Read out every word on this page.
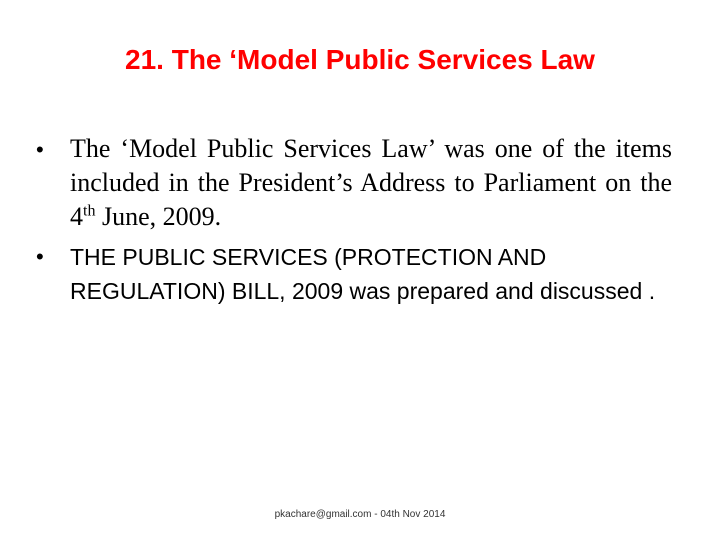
21. The ‘Model Public Services Law
• The ‘Model Public Services Law’ was one of the items included in the President’s Address to Parliament on the 4th June, 2009.
• THE PUBLIC SERVICES (PROTECTION AND REGULATION) BILL, 2009 was prepared and discussed .
pkachare@gmail.com - 04th Nov 2014
